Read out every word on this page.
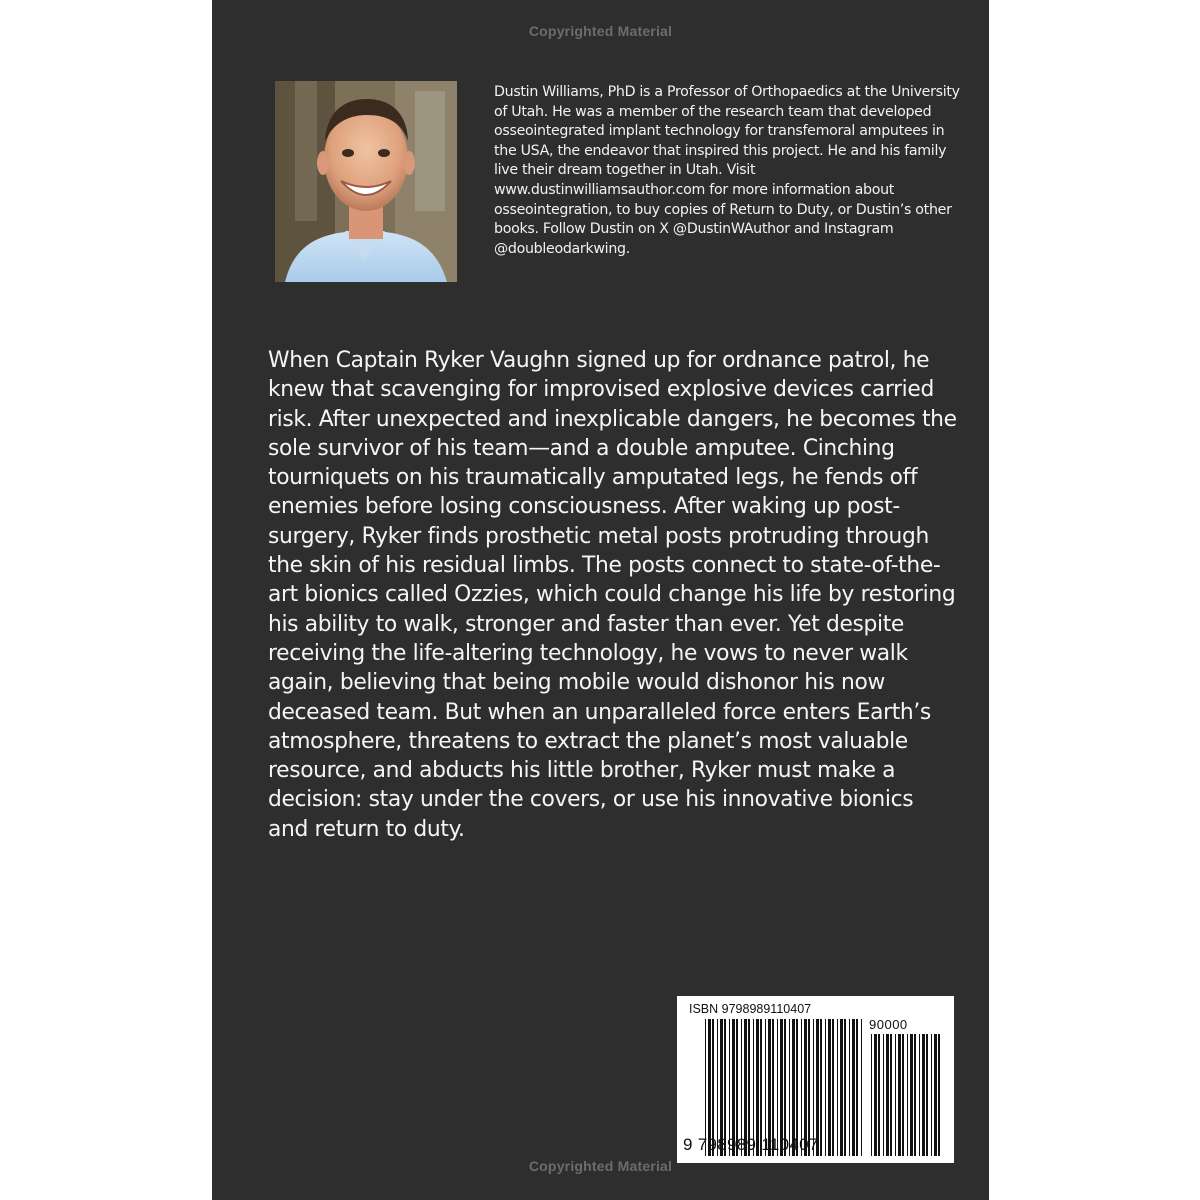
Copyrighted Material

Dustin Williams, PhD is a Professor of Orthopaedics at the University of Utah. He was a member of the research team that developed osseointegrated implant technology for transfemoral amputees in the USA, the endeavor that inspired this project. He and his family live their dream together in Utah. Visit www.dustinwilliamsauthor.com for more information about osseointegration, to buy copies of Return to Duty, or Dustin’s other books. Follow Dustin on X @DustinWAuthor and Instagram @doubleodarkwing.

When Captain Ryker Vaughn signed up for ordnance patrol, he knew that scavenging for improvised explosive devices carried risk. After unexpected and inexplicable dangers, he becomes the sole survivor of his team—and a double amputee. Cinching tourniquets on his traumatically amputated legs, he fends off enemies before losing consciousness. After waking up post-surgery, Ryker finds prosthetic metal posts protruding through the skin of his residual limbs. The posts connect to state-of-the-art bionics called Ozzies, which could change his life by restoring his ability to walk, stronger and faster than ever. Yet despite receiving the life-altering technology, he vows to never walk again, believing that being mobile would dishonor his now deceased team. But when an unparalleled force enters Earth’s atmosphere, threatens to extract the planet’s most valuable resource, and abducts his little brother, Ryker must make a decision: stay under the covers, or use his innovative bionics and return to duty.

ISBN 9798989110407
90000
9 798989 110407
Copyrighted Material
